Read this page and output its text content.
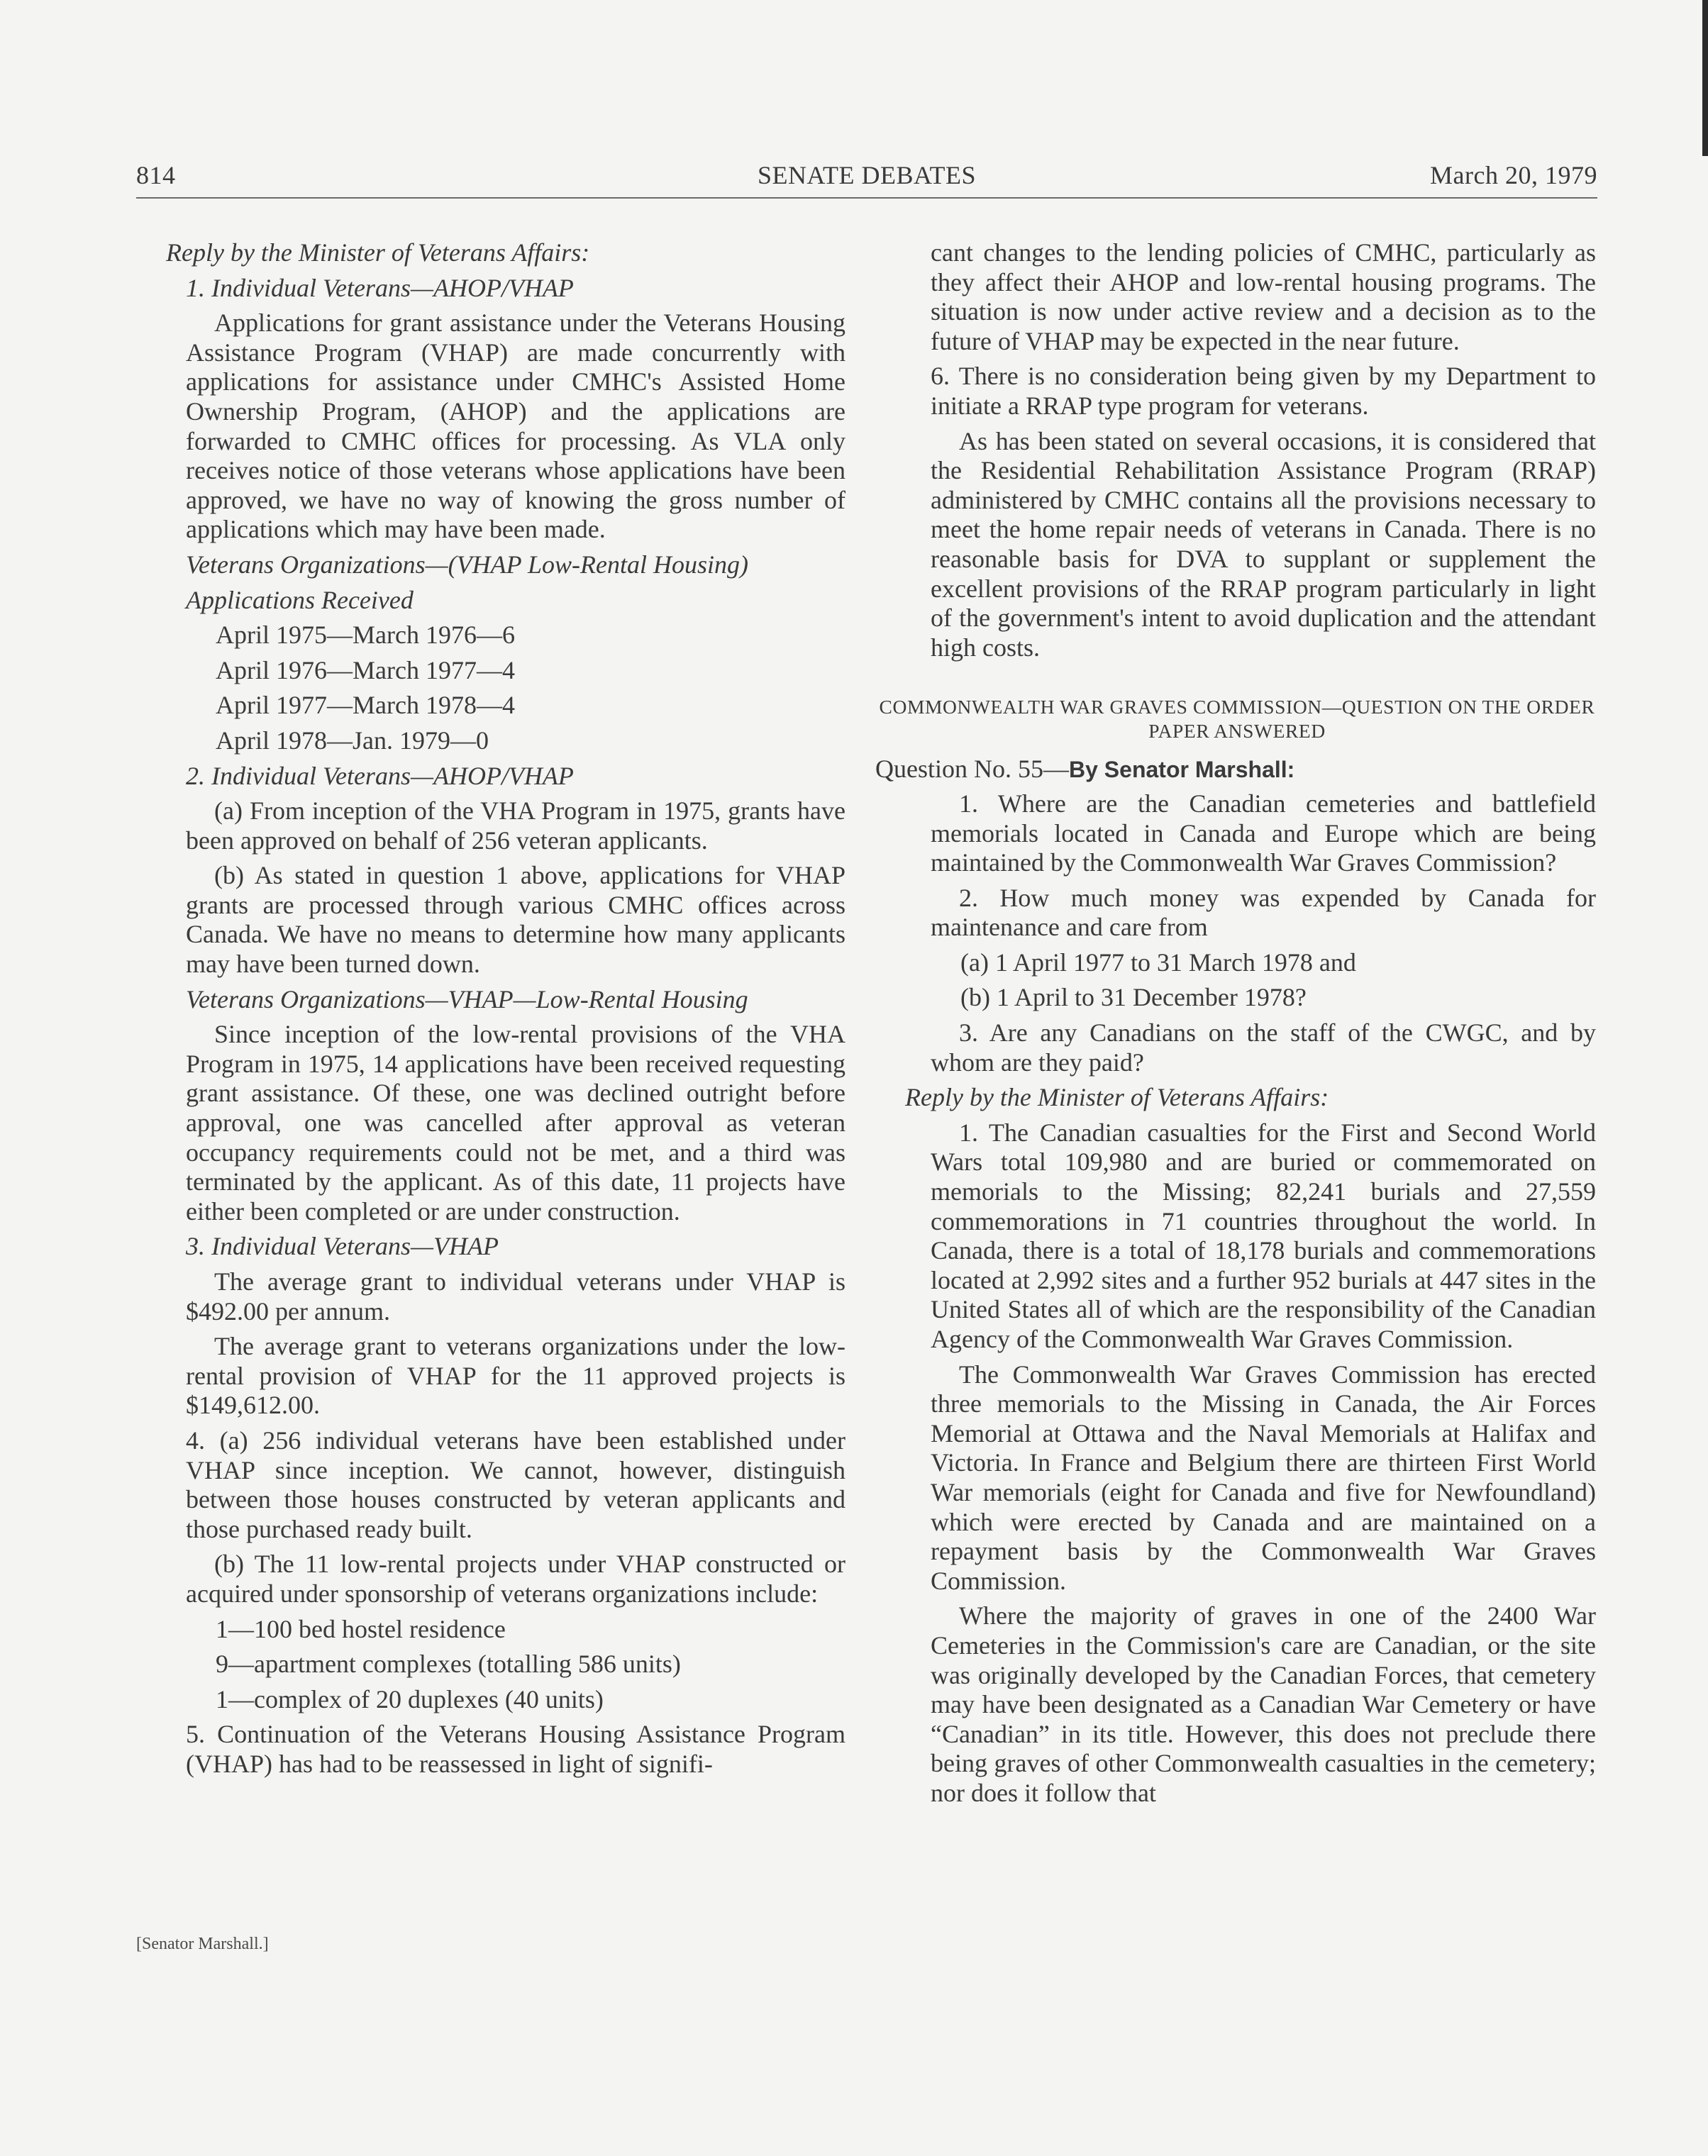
814	SENATE DEBATES	March 20, 1979

Reply by the Minister of Veterans Affairs:

1. Individual Veterans—AHOP/VHAP

Applications for grant assistance under the Veterans Housing Assistance Program (VHAP) are made concurrently with applications for assistance under CMHC's Assisted Home Ownership Program, (AHOP) and the applications are forwarded to CMHC offices for processing. As VLA only receives notice of those veterans whose applications have been approved, we have no way of knowing the gross number of applications which may have been made.

Veterans Organizations—(VHAP Low-Rental Housing)

Applications Received

April 1975—March 1976—6

April 1976—March 1977—4

April 1977—March 1978—4

April 1978—Jan. 1979—0

2. Individual Veterans—AHOP/VHAP

(a) From inception of the VHA Program in 1975, grants have been approved on behalf of 256 veteran applicants.

(b) As stated in question 1 above, applications for VHAP grants are processed through various CMHC offices across Canada. We have no means to determine how many applicants may have been turned down.

Veterans Organizations—VHAP—Low-Rental Housing

Since inception of the low-rental provisions of the VHA Program in 1975, 14 applications have been received requesting grant assistance. Of these, one was declined outright before approval, one was cancelled after approval as veteran occupancy requirements could not be met, and a third was terminated by the applicant. As of this date, 11 projects have either been completed or are under construction.

3. Individual Veterans—VHAP

The average grant to individual veterans under VHAP is $492.00 per annum.

The average grant to veterans organizations under the low-rental provision of VHAP for the 11 approved projects is $149,612.00.

4. (a) 256 individual veterans have been established under VHAP since inception. We cannot, however, distinguish between those houses constructed by veteran applicants and those purchased ready built.

(b) The 11 low-rental projects under VHAP constructed or acquired under sponsorship of veterans organizations include:

1—100 bed hostel residence

9—apartment complexes (totalling 586 units)

1—complex of 20 duplexes (40 units)

5. Continuation of the Veterans Housing Assistance Program (VHAP) has had to be reassessed in light of signifi-

cant changes to the lending policies of CMHC, particularly as they affect their AHOP and low-rental housing programs. The situation is now under active review and a decision as to the future of VHAP may be expected in the near future.

6. There is no consideration being given by my Department to initiate a RRAP type program for veterans.

As has been stated on several occasions, it is considered that the Residential Rehabilitation Assistance Program (RRAP) administered by CMHC contains all the provisions necessary to meet the home repair needs of veterans in Canada. There is no reasonable basis for DVA to supplant or supplement the excellent provisions of the RRAP program particularly in light of the government's intent to avoid duplication and the attendant high costs.

COMMONWEALTH WAR GRAVES COMMISSION—QUESTION ON THE ORDER PAPER ANSWERED

Question No. 55—By Senator Marshall:

1. Where are the Canadian cemeteries and battlefield memorials located in Canada and Europe which are being maintained by the Commonwealth War Graves Commission?

2. How much money was expended by Canada for maintenance and care from

(a) 1 April 1977 to 31 March 1978 and

(b) 1 April to 31 December 1978?

3. Are any Canadians on the staff of the CWGC, and by whom are they paid?

Reply by the Minister of Veterans Affairs:

1. The Canadian casualties for the First and Second World Wars total 109,980 and are buried or commemorated on memorials to the Missing; 82,241 burials and 27,559 commemorations in 71 countries throughout the world. In Canada, there is a total of 18,178 burials and commemorations located at 2,992 sites and a further 952 burials at 447 sites in the United States all of which are the responsibility of the Canadian Agency of the Commonwealth War Graves Commission.

The Commonwealth War Graves Commission has erected three memorials to the Missing in Canada, the Air Forces Memorial at Ottawa and the Naval Memorials at Halifax and Victoria. In France and Belgium there are thirteen First World War memorials (eight for Canada and five for Newfoundland) which were erected by Canada and are maintained on a repayment basis by the Commonwealth War Graves Commission.

Where the majority of graves in one of the 2400 War Cemeteries in the Commission's care are Canadian, or the site was originally developed by the Canadian Forces, that cemetery may have been designated as a Canadian War Cemetery or have “Canadian” in its title. However, this does not preclude there being graves of other Commonwealth casualties in the cemetery; nor does it follow that

[Senator Marshall.]
